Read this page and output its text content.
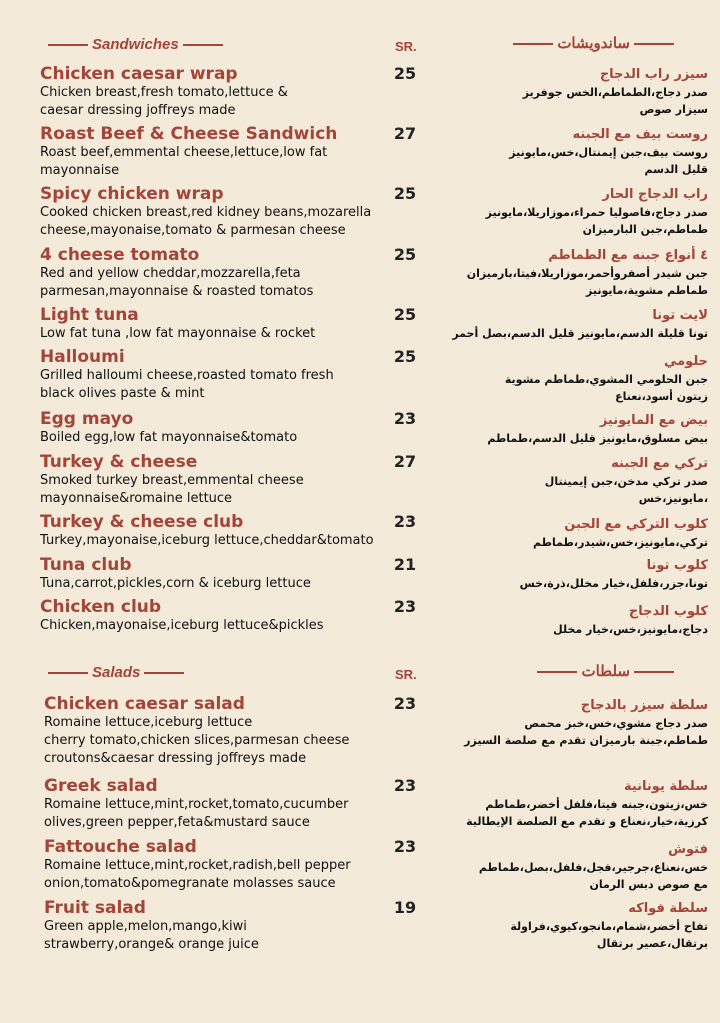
Sandwiches	SR.	ساندويشات
Salads	SR.	سلطات
Chicken caesar wrap
Chicken breast,fresh tomato,lettuce &
caesar dressing joffreys made
25	سيزر راب الدجاج
صدر دجاج،الطماطم،الخس جوفريز
سيزار صوص
Roast Beef & Cheese Sandwich
Roast beef,emmental cheese,lettuce,low fat
mayonnaise
27	روست بيف مع الجبنه
روست بيف،جبن إيمنتال،خس،مايونيز
قليل الدسم
Spicy chicken wrap
Cooked chicken breast,red kidney beans,mozarella
cheese,mayonaise,tomato & parmesan cheese
25	راب الدجاج الحار
صدر دجاج،فاصوليا حمراء،موزاريلا،مايونيز
طماطم،جبن البارميزان
4 cheese tomato
Red and yellow cheddar,mozzarella,feta
parmesan,mayonnaise & roasted tomatos
25	٤ أنواع جبنه مع الطماطم
جبن شيدر أصفروأحمر،موزاريلا،فيتا،بارميزان
طماطم مشوية،مايونيز
Light tuna
Low fat tuna ,low fat mayonnaise & rocket
25	لايت تونا
تونا قليلة الدسم،مايونيز قليل الدسم،بصل أحمر
Halloumi
Grilled halloumi cheese,roasted tomato fresh
black olives paste & mint
25	حلومي
جبن الحلومي المشوي،طماطم مشوية
زيتون أسود،نعناع
Egg mayo
Boiled egg,low fat mayonnaise&tomato
23	بيض مع المايونيز
بيض مسلوق،مايونيز قليل الدسم،طماطم
Turkey & cheese
Smoked turkey breast,emmental cheese
mayonnaise&romaine lettuce
27	تركي مع الجبنه
صدر تركي مدخن،جبن إيمينتال
،مايونيز،خس
Turkey & cheese club
Turkey,mayonaise,iceburg lettuce,cheddar&tomato
23	كلوب التركي مع الجبن
تركي،مايونيز،خس،شيدر،طماطم
Tuna club
Tuna,carrot,pickles,corn & iceburg lettuce
21	كلوب تونا
تونا،جزر،فلفل،خيار مخلل،ذرة،خس
Chicken club
Chicken,mayonaise,iceburg lettuce&pickles
23	كلوب الدجاج
دجاج،مايونيز،خس،خيار مخلل
Chicken caesar salad
Romaine lettuce,iceburg lettuce
cherry tomato,chicken slices,parmesan cheese
croutons&caesar dressing joffreys made
23	سلطة سيزر بالدجاج
صدر دجاج مشوي،خس،خبز محمص
طماطم،جبنة بارميزان تقدم مع صلصة السيزر
Greek salad
Romaine lettuce,mint,rocket,tomato,cucumber
olives,green pepper,feta&mustard sauce
23	سلطة يونانية
خس،زيتون،جبنه فيتا،فلفل أخضر،طماطم
كرزية،خيار،نعناع و تقدم مع الصلصة الإيطالية
Fattouche salad
Romaine lettuce,mint,rocket,radish,bell pepper
onion,tomato&pomegranate molasses sauce
23	فتوش
خس،نعناع،جرجير،فجل،فلفل،بصل،طماطم
مع صوص دبس الرمان
Fruit salad
Green apple,melon,mango,kiwi
strawberry,orange& orange juice
19	سلطة فواكه
تفاح أخضر،شمام،مانجو،كيوي،فراولة
برتقال،عصير برتقال
